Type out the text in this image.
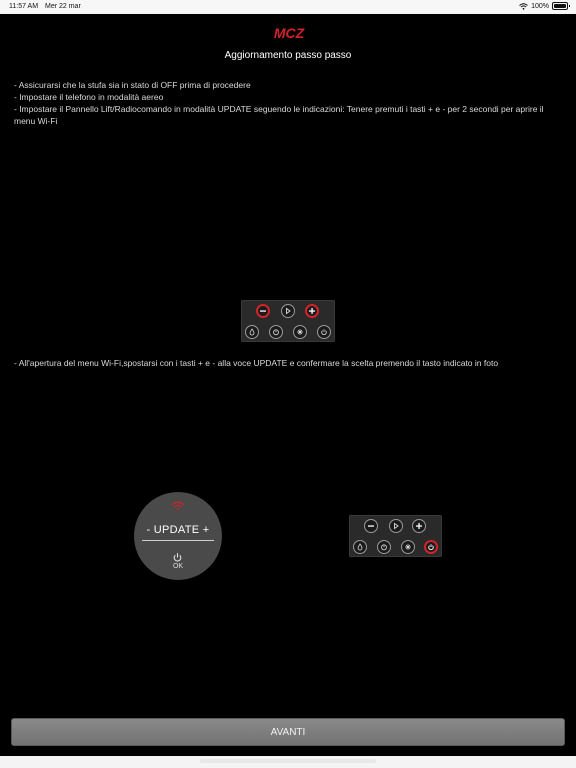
11:57 AM Mer 22 mar	100%
MCZ
Aggiornamento passo passo
- Assicurarsi che la stufa sia in stato di OFF prima di procedere
- Impostare il telefono in modalità aereo
- Impostare il Pannello Lift/Radiocomando in modalità UPDATE seguendo le indicazioni: Tenere premuti i tasti + e - per 2 secondi per aprire il menu Wi-Fi
- All'apertura del menu Wi-Fi,spostarsi con i tasti + e - alla voce UPDATE e confermare la scelta premendo il tasto indicato in foto
- UPDATE +
OK
AVANTI
